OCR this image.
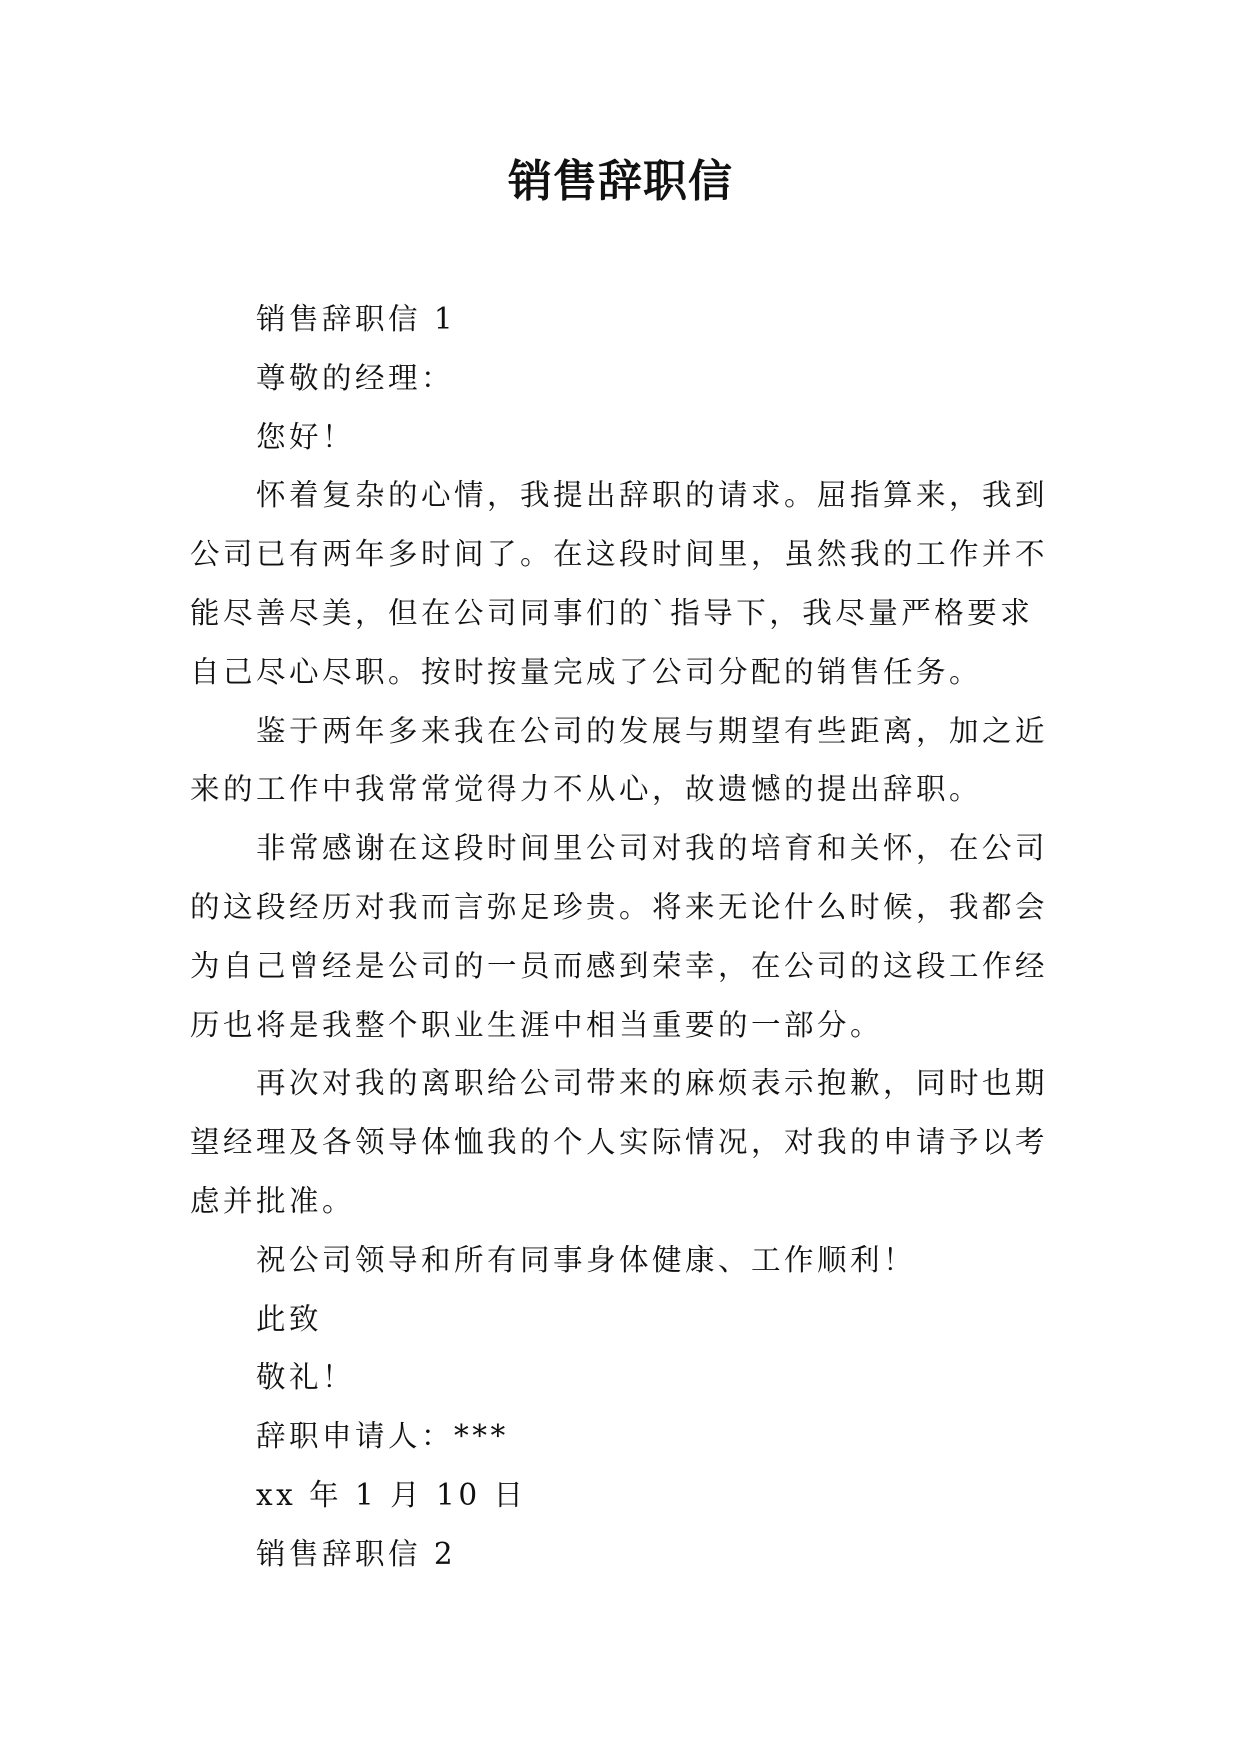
销售辞职信
销售辞职信 1
尊敬的经理：
您好！
怀着复杂的心情，我提出辞职的请求。屈指算来，我到
公司已有两年多时间了。在这段时间里，虽然我的工作并不
能尽善尽美，但在公司同事们的`指导下，我尽量严格要求
自己尽心尽职。按时按量完成了公司分配的销售任务。
鉴于两年多来我在公司的发展与期望有些距离，加之近
来的工作中我常常觉得力不从心，故遗憾的提出辞职。
非常感谢在这段时间里公司对我的培育和关怀，在公司
的这段经历对我而言弥足珍贵。将来无论什么时候，我都会
为自己曾经是公司的一员而感到荣幸，在公司的这段工作经
历也将是我整个职业生涯中相当重要的一部分。
再次对我的离职给公司带来的麻烦表示抱歉，同时也期
望经理及各领导体恤我的个人实际情况，对我的申请予以考
虑并批准。
祝公司领导和所有同事身体健康、工作顺利！
此致
敬礼！
辞职申请人：***
xx 年 1 月 10 日
销售辞职信 2
